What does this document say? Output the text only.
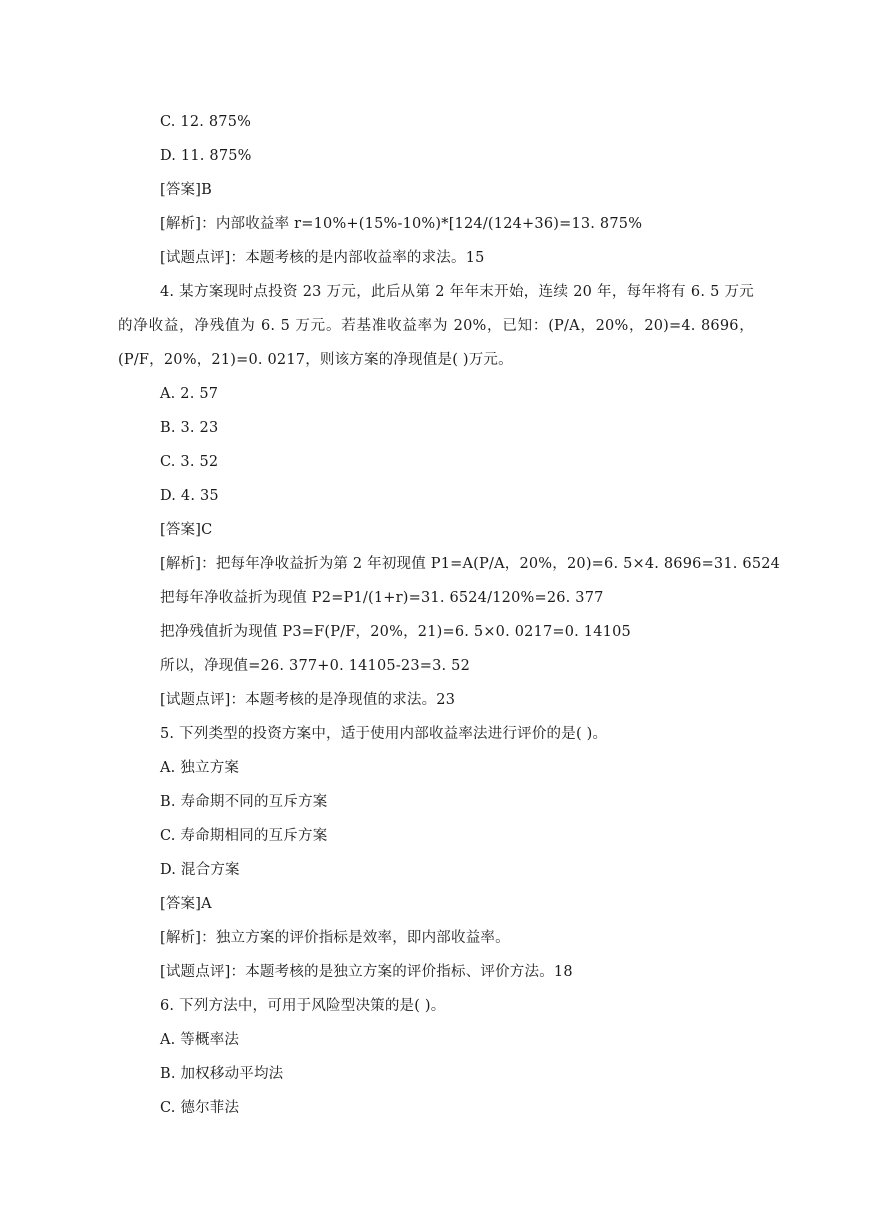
C. 12. 875%
D. 11. 875%
[答案]B
[解析]：内部收益率 r=10%+(15%-10%)*[124/(124+36)=13. 875%
[试题点评]：本题考核的是内部收益率的求法。15
4. 某方案现时点投资 23 万元，此后从第 2 年年末开始，连续 20 年，每年将有 6. 5 万元的净收益，净残值为 6. 5 万元。若基准收益率为 20%，已知：(P/A，20%，20)=4. 8696，(P/F，20%，21)=0. 0217，则该方案的净现值是( )万元。
A. 2. 57
B. 3. 23
C. 3. 52
D. 4. 35
[答案]C
[解析]：把每年净收益折为第 2 年初现值 P1=A(P/A，20%，20)=6. 5×4. 8696=31. 6524
把每年净收益折为现值 P2=P1/(1+r)=31. 6524/120%=26. 377
把净残值折为现值 P3=F(P/F，20%，21)=6. 5×0. 0217=0. 14105
所以，净现值=26. 377+0. 14105-23=3. 52
[试题点评]：本题考核的是净现值的求法。23
5. 下列类型的投资方案中，适于使用内部收益率法进行评价的是( )。
A. 独立方案
B. 寿命期不同的互斥方案
C. 寿命期相同的互斥方案
D. 混合方案
[答案]A
[解析]：独立方案的评价指标是效率，即内部收益率。
[试题点评]：本题考核的是独立方案的评价指标、评价方法。18
6. 下列方法中，可用于风险型决策的是( )。
A. 等概率法
B. 加权移动平均法
C. 德尔菲法
